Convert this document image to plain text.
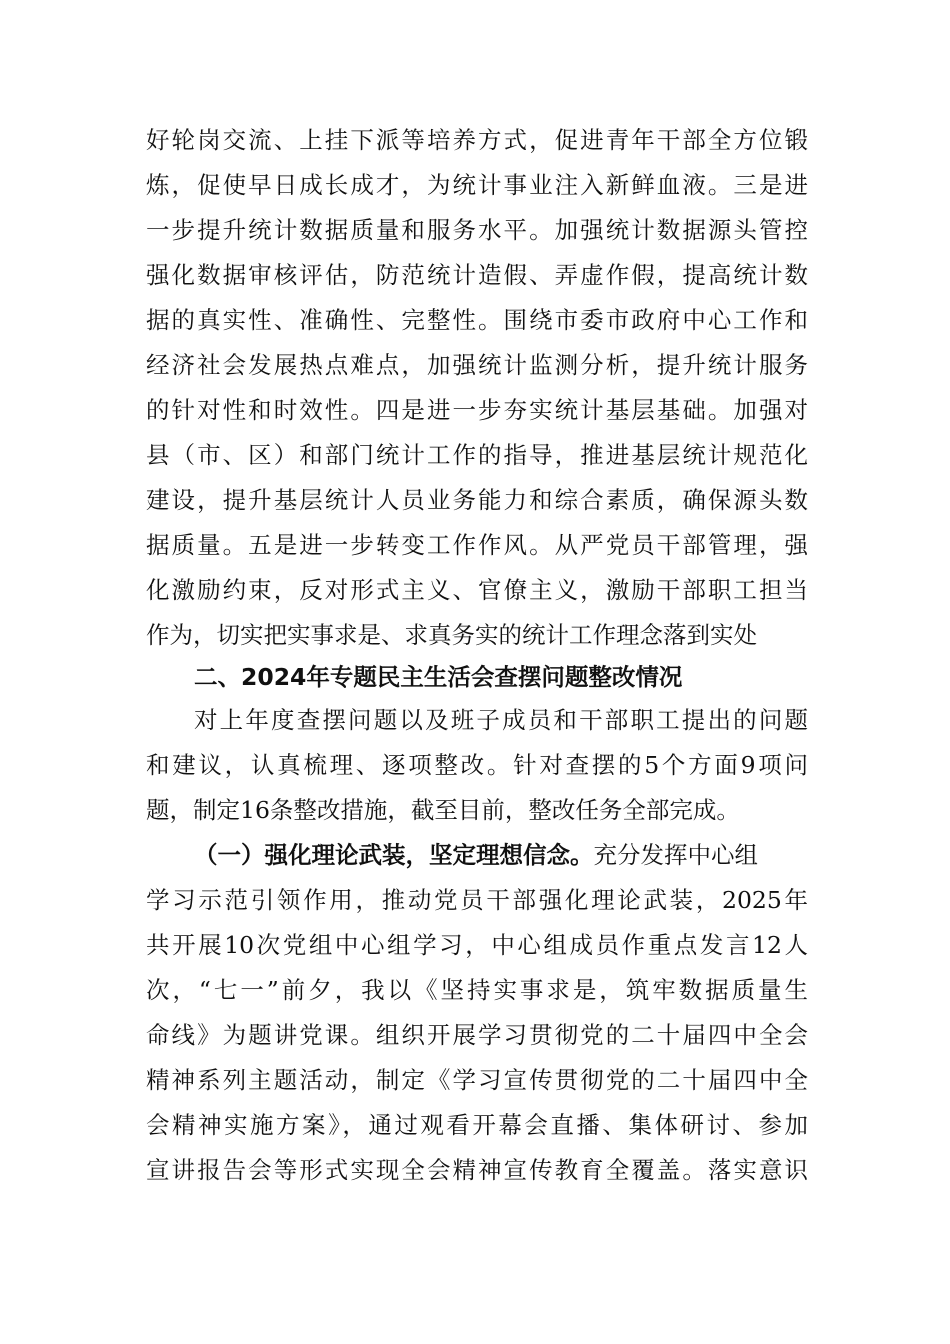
好轮岗交流、上挂下派等培养方式，促进青年干部全方位锻
炼，促使早日成长成才，为统计事业注入新鲜血液。三是进
一步提升统计数据质量和服务水平。加强统计数据源头管控
强化数据审核评估，防范统计造假、弄虚作假，提高统计数
据的真实性、准确性、完整性。围绕市委市政府中心工作和
经济社会发展热点难点，加强统计监测分析，提升统计服务
的针对性和时效性。四是进一步夯实统计基层基础。加强对
县（市、区）和部门统计工作的指导，推进基层统计规范化
建设，提升基层统计人员业务能力和综合素质，确保源头数
据质量。五是进一步转变工作作风。从严党员干部管理，强
化激励约束，反对形式主义、官僚主义，激励干部职工担当
作为，切实把实事求是、求真务实的统计工作理念落到实处
二、2024年专题民主生活会查摆问题整改情况
对上年度查摆问题以及班子成员和干部职工提出的问题
和建议，认真梳理、逐项整改。针对查摆的5个方面9项问
题，制定16条整改措施，截至目前，整改任务全部完成。
（一）强化理论武装，坚定理想信念。充分发挥中心组
学习示范引领作用，推动党员干部强化理论武装，2025年
共开展10次党组中心组学习，中心组成员作重点发言12人
次，“七一”前夕，我以《坚持实事求是，筑牢数据质量生
命线》为题讲党课。组织开展学习贯彻党的二十届四中全会
精神系列主题活动，制定《学习宣传贯彻党的二十届四中全
会精神实施方案》，通过观看开幕会直播、集体研讨、参加
宣讲报告会等形式实现全会精神宣传教育全覆盖。落实意识
